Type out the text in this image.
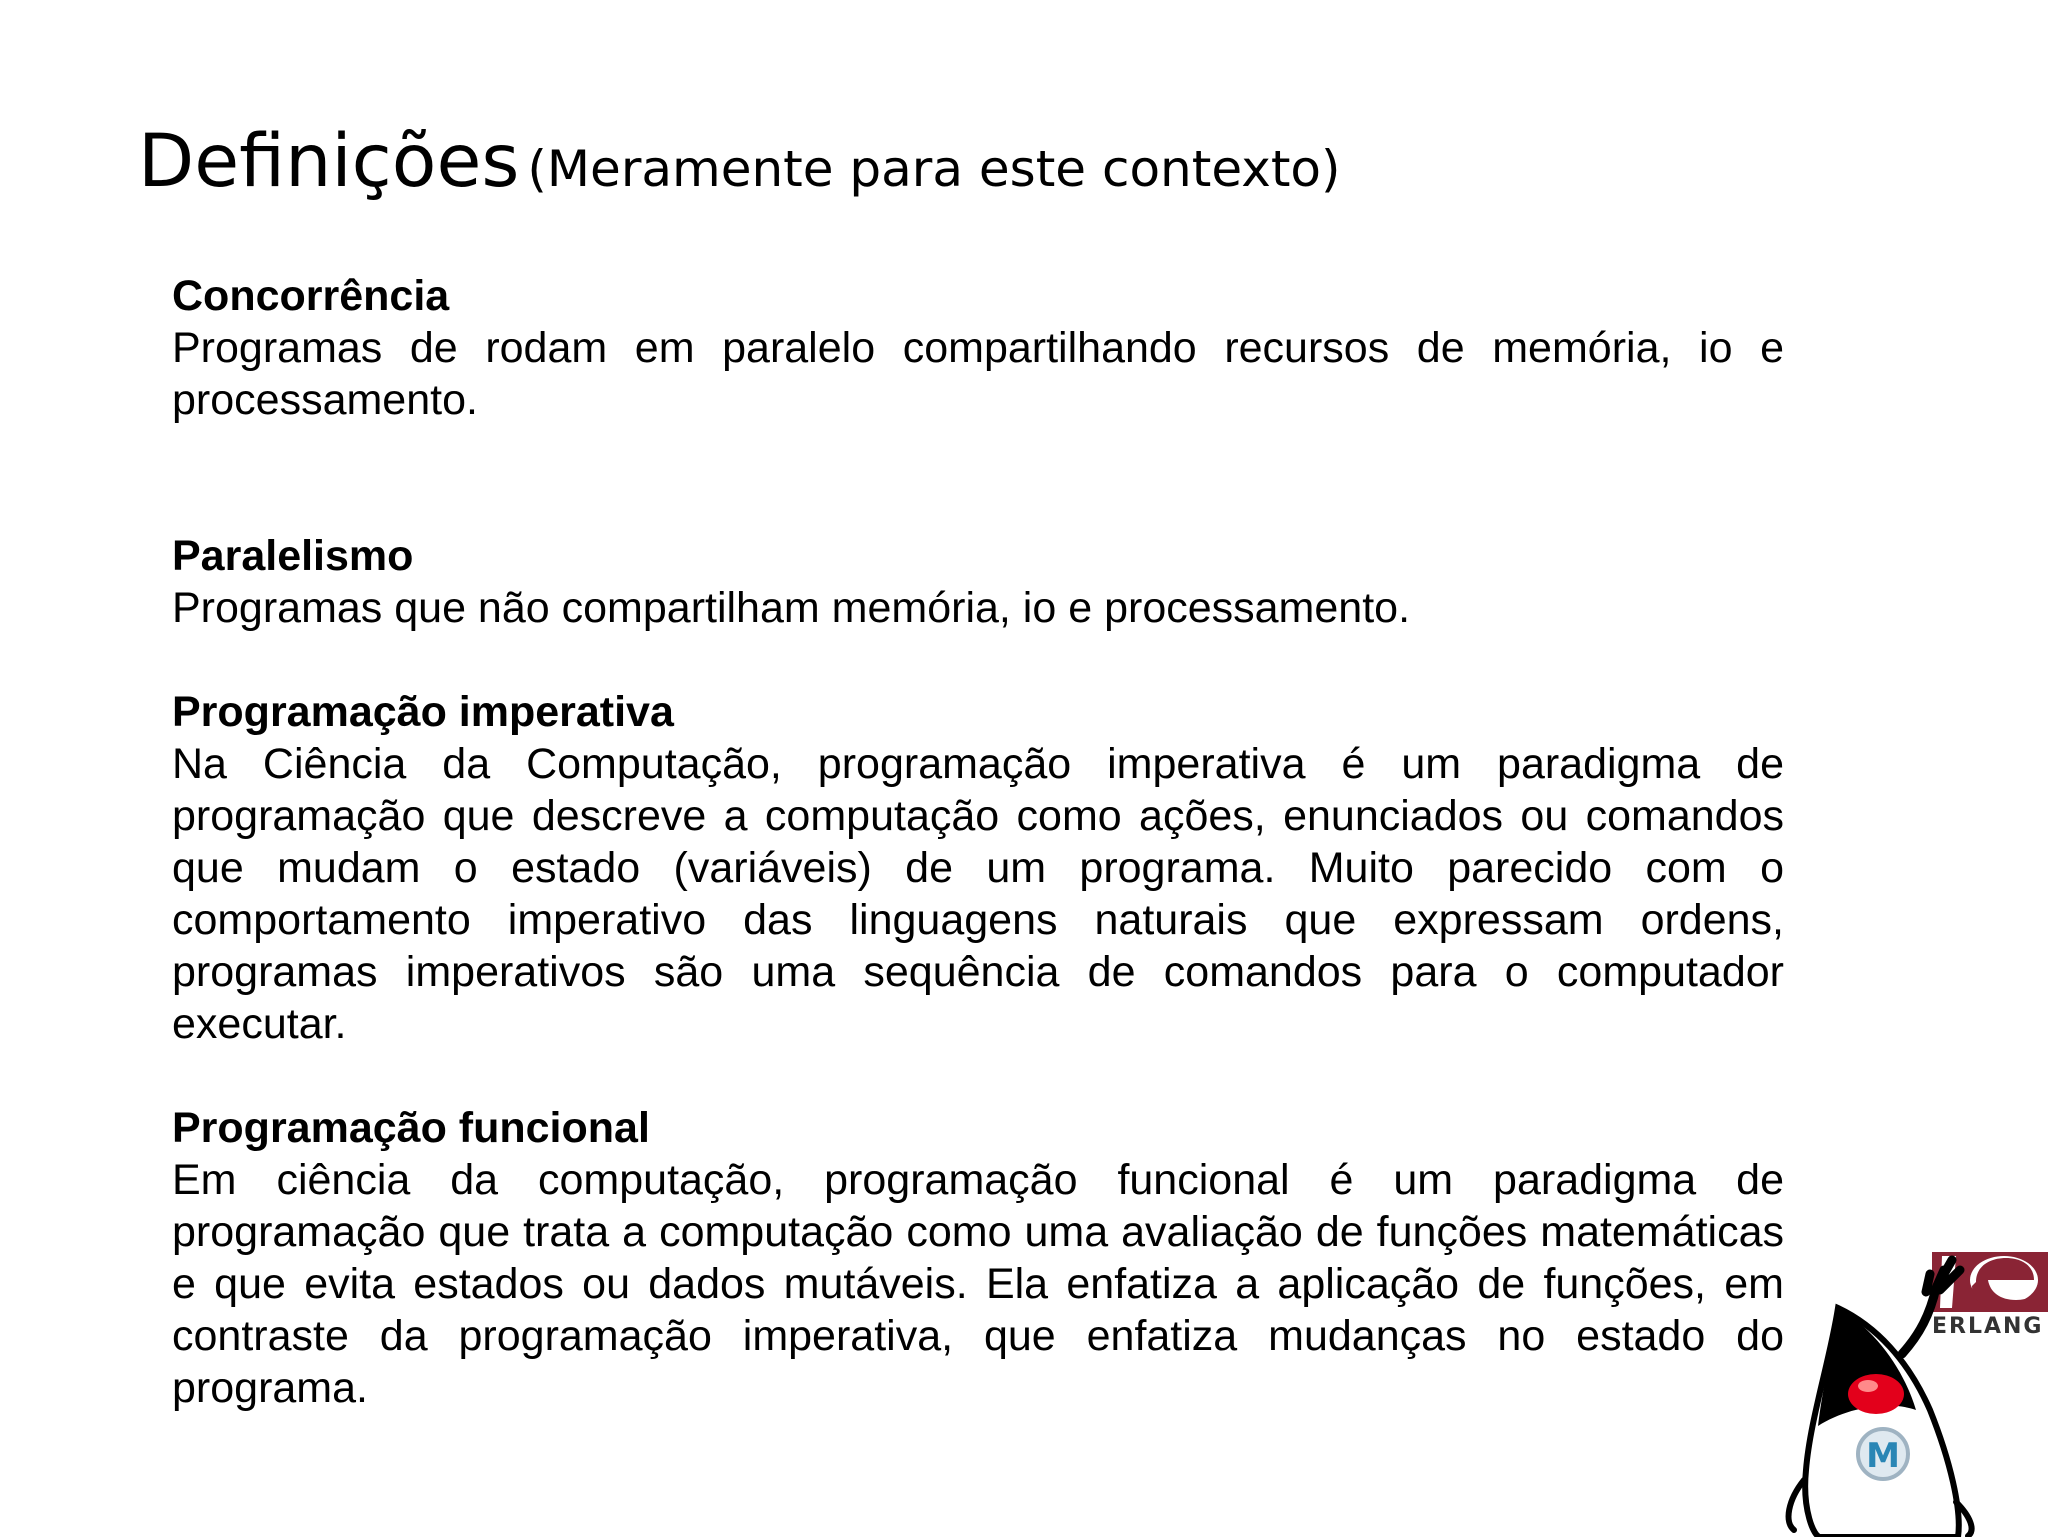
Definições (Meramente para este contexto)

Concorrência

Programas de rodam em paralelo compartilhando recursos de memória, io e processamento.

Paralelismo

Programas que não compartilham memória, io e processamento.

Programação imperativa

Na Ciência da Computação, programação imperativa é um paradigma de programação que descreve a computação como ações, enunciados ou comandos que mudam o estado (variáveis) de um programa. Muito parecido com o comportamento imperativo das linguagens naturais que expressam ordens, programas imperativos são uma sequência de comandos para o computador executar.

Programação funcional

Em ciência da computação, programação funcional é um paradigma de programação que trata a computação como uma avaliação de funções matemáticas e que evita estados ou dados mutáveis. Ela enfatiza a aplicação de funções, em contraste da programação imperativa, que enfatiza mudanças no estado do programa.

ERLANG
M
